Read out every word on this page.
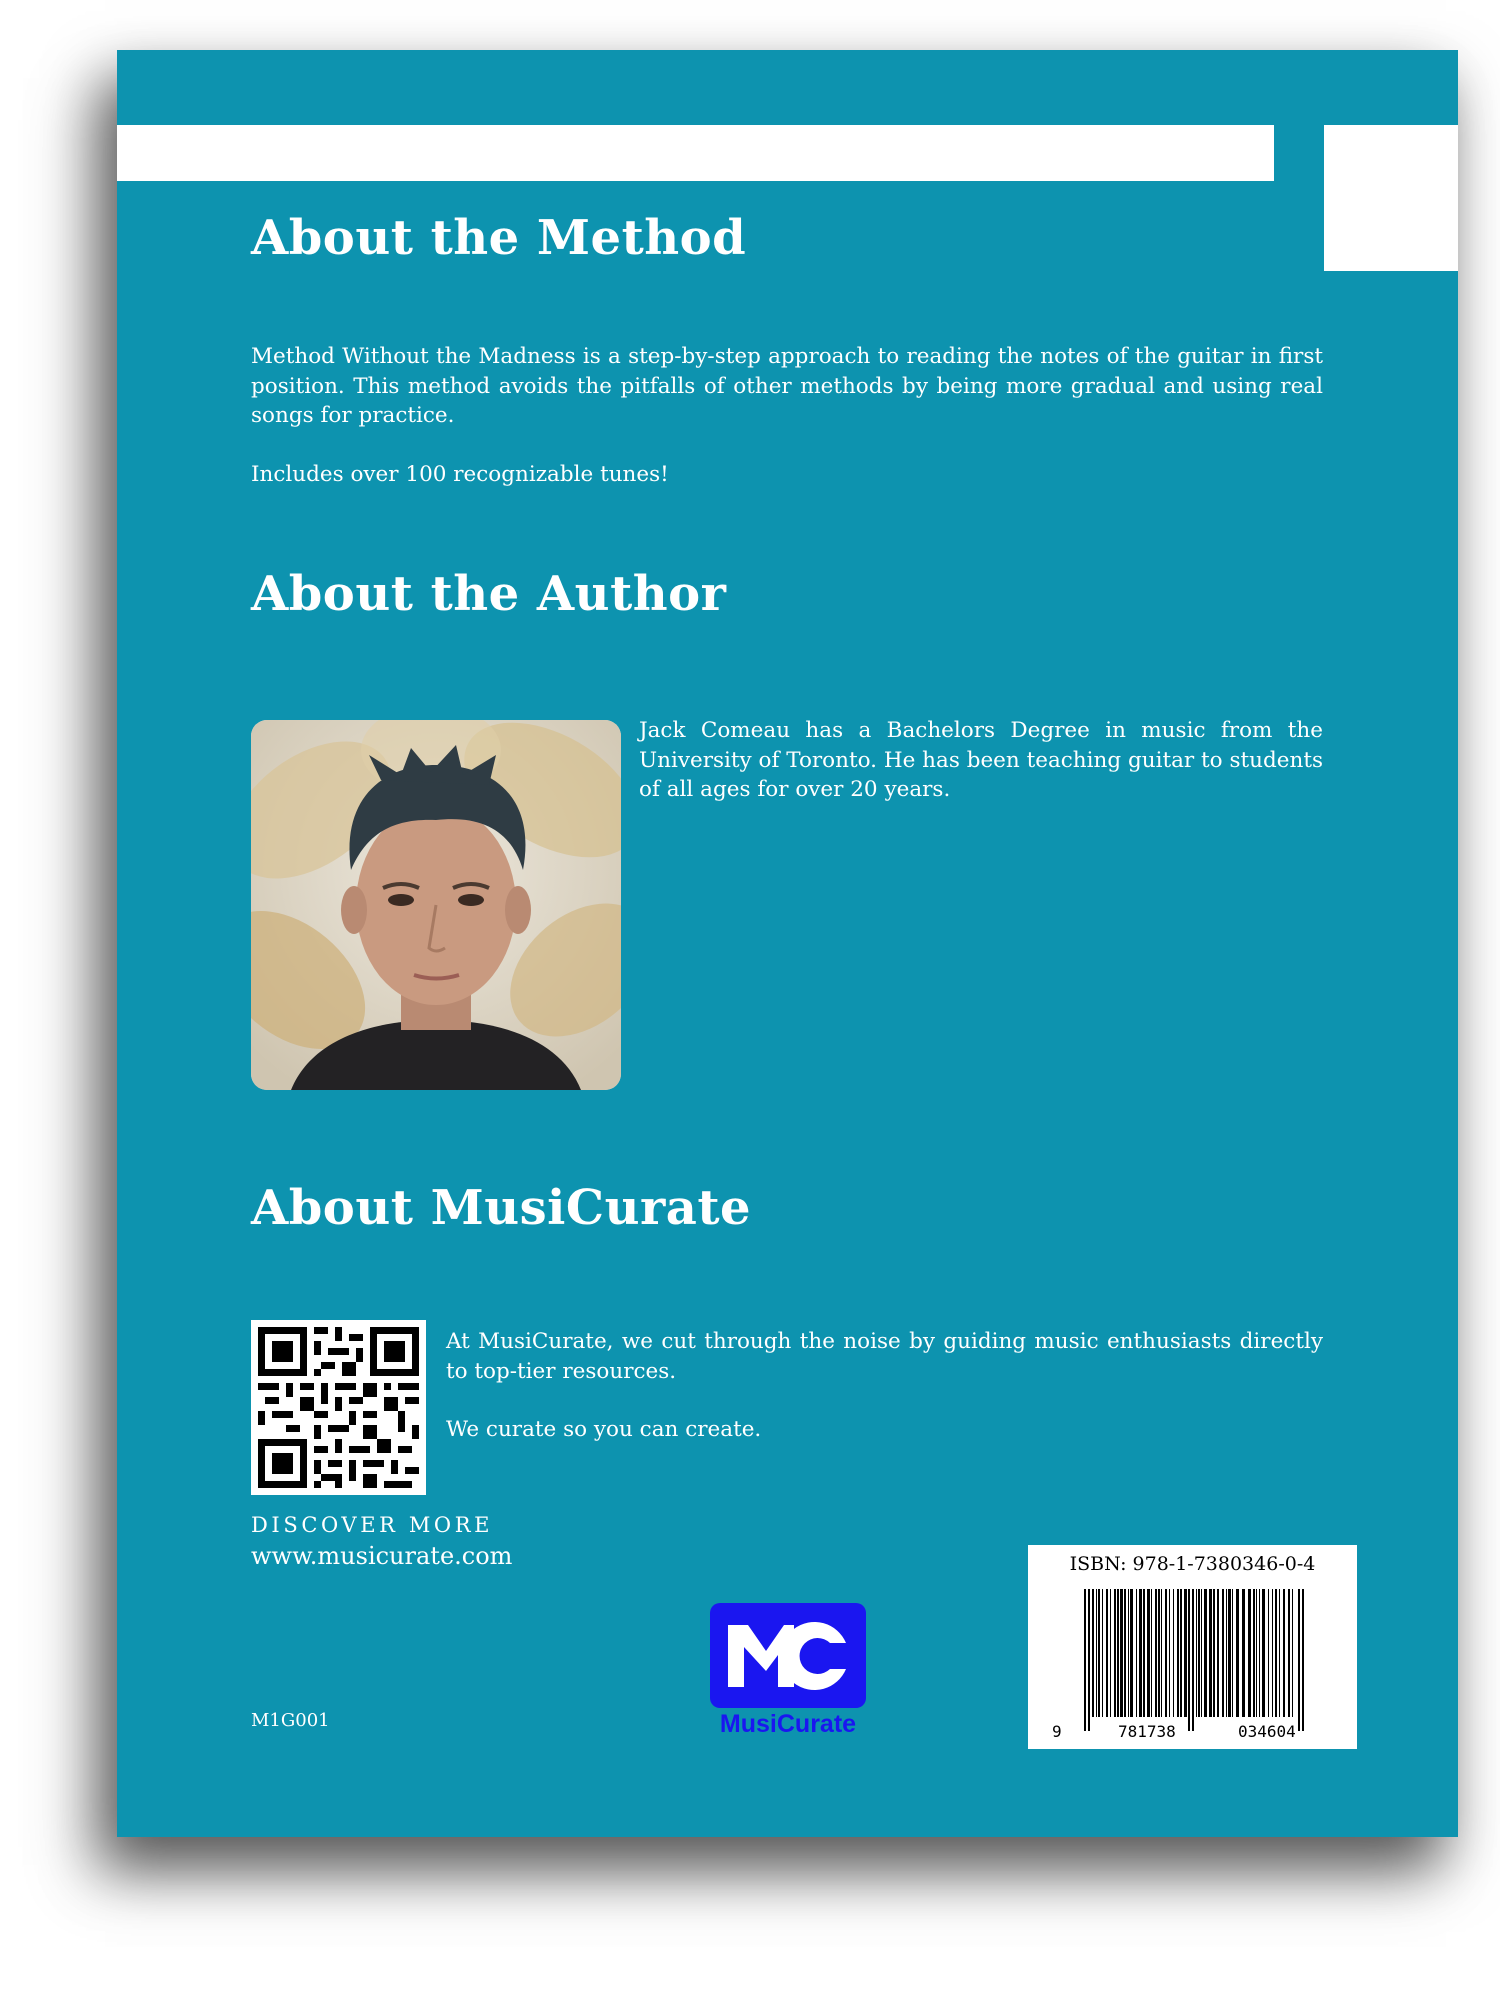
About the Method

Method Without the Madness is a step-by-step approach to reading the notes of the guitar in first position. This method avoids the pitfalls of other methods by being more gradual and using real songs for practice.

Includes over 100 recognizable tunes!

About the Author

Jack Comeau has a Bachelors Degree in music from the University of Toronto. He has been teaching guitar to students of all ages for over 20 years.

About MusiCurate

At MusiCurate, we cut through the noise by guiding music enthusiasts directly to top-tier resources.

We curate so you can create.

DISCOVER MORE
www.musicurate.com
M1G001	MusiCurate
ISBN: 978-1-7380346-0-4
9	781738	034604
